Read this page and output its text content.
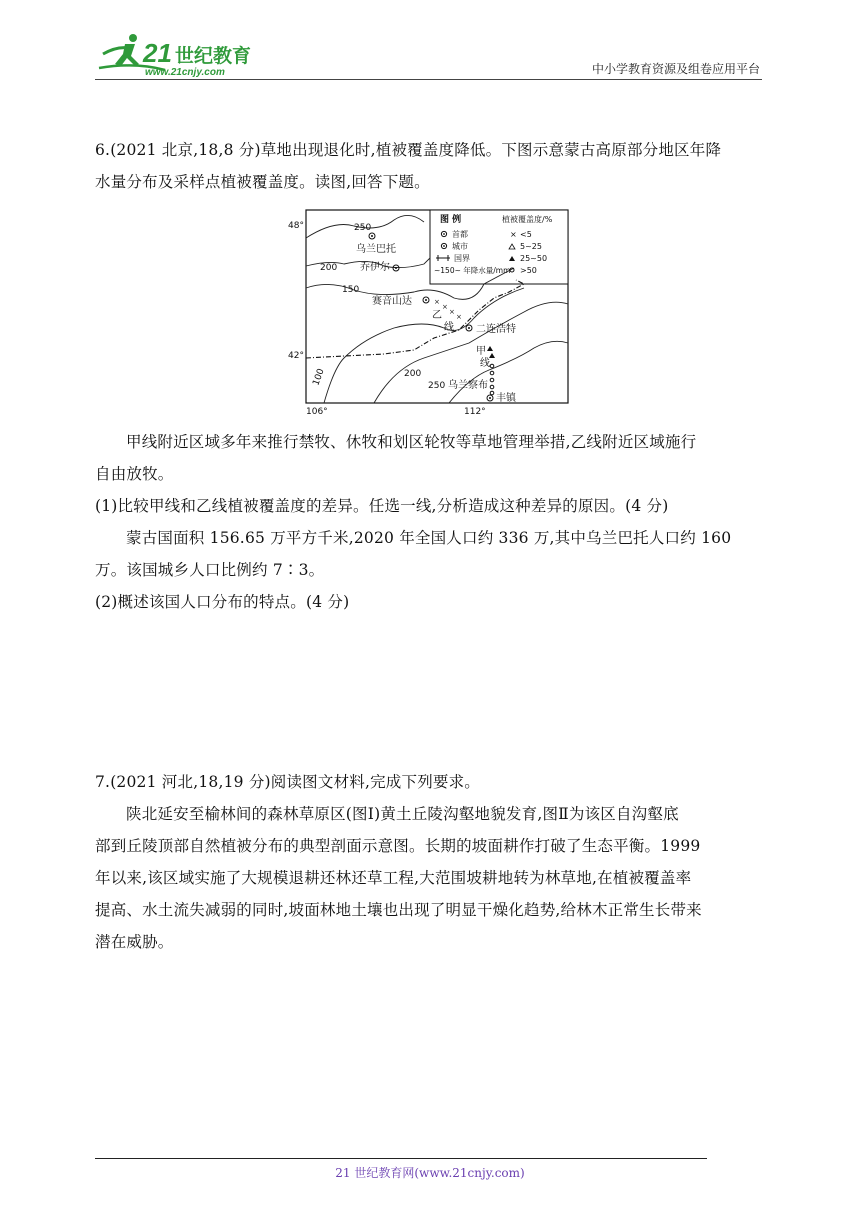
21 世纪教育
www.21cnjy.com	中小学教育资源及组卷应用平台

6.(2021 北京,18,8 分)草地出现退化时,植被覆盖度降低。下图示意蒙古高原部分地区年降

水量分布及采样点植被覆盖度。读图,回答下题。

250
200
150
100	200
250
48°
42°
106°	112°
乌兰巴托
乔伊尔
赛音山达
二连浩特
乌兰察布
丰镇
乙
线
×
×
×
×
甲
线
图 例	植被覆盖度/%
首都
城市
国界
~150~ 年降水量/mm
× <5
5~25
25~50
>50

甲线附近区域多年来推行禁牧、休牧和划区轮牧等草地管理举措,乙线附近区域施行

自由放牧。

(1)比较甲线和乙线植被覆盖度的差异。任选一线,分析造成这种差异的原因。(4 分)

蒙古国面积 156.65 万平方千米,2020 年全国人口约 336 万,其中乌兰巴托人口约 160

万。该国城乡人口比例约 7∶3。

(2)概述该国人口分布的特点。(4 分)

7.(2021 河北,18,19 分)阅读图文材料,完成下列要求。

陕北延安至榆林间的森林草原区(图Ⅰ)黄土丘陵沟壑地貌发育,图Ⅱ为该区自沟壑底

部到丘陵顶部自然植被分布的典型剖面示意图。长期的坡面耕作打破了生态平衡。1999

年以来,该区域实施了大规模退耕还林还草工程,大范围坡耕地转为林草地,在植被覆盖率

提高、水土流失减弱的同时,坡面林地土壤也出现了明显干燥化趋势,给林木正常生长带来

潜在威胁。

21 世纪教育网(www.21cnjy.com)
